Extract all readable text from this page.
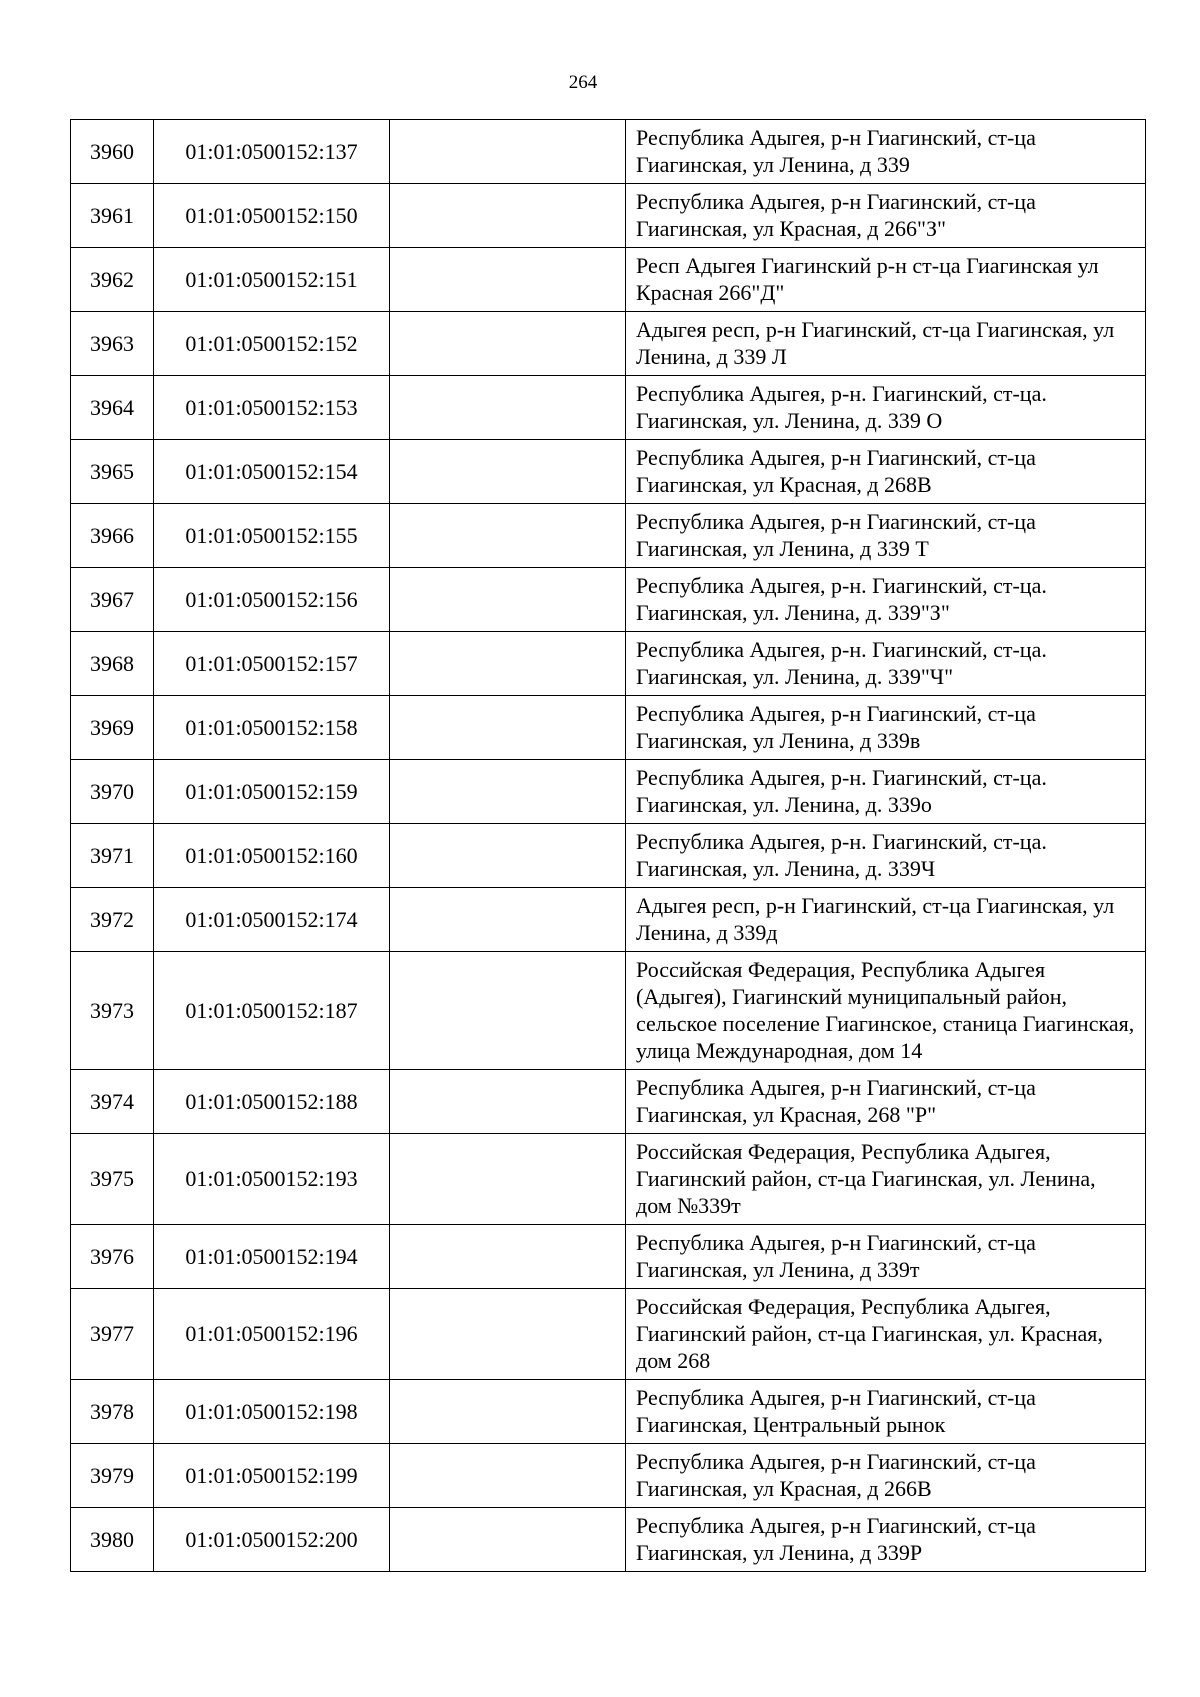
264
3960	01:01:0500152:137		Республика Адыгея, р-н Гиагинский, ст-ца Гиагинская, ул Ленина, д 339
3961	01:01:0500152:150		Республика Адыгея, р-н Гиагинский, ст-ца Гиагинская, ул Красная, д 266"З"
3962	01:01:0500152:151		Респ Адыгея Гиагинский р-н ст-ца Гиагинская ул Красная 266"Д"
3963	01:01:0500152:152		Адыгея респ, р-н Гиагинский, ст-ца Гиагинская, ул Ленина, д 339 Л
3964	01:01:0500152:153		Республика Адыгея, р-н. Гиагинский, ст-ца. Гиагинская, ул. Ленина, д. 339 О
3965	01:01:0500152:154		Республика Адыгея, р-н Гиагинский, ст-ца Гиагинская, ул Красная, д 268В
3966	01:01:0500152:155		Республика Адыгея, р-н Гиагинский, ст-ца Гиагинская, ул Ленина, д 339 Т
3967	01:01:0500152:156		Республика Адыгея, р-н. Гиагинский, ст-ца. Гиагинская, ул. Ленина, д. 339"З"
3968	01:01:0500152:157		Республика Адыгея, р-н. Гиагинский, ст-ца. Гиагинская, ул. Ленина, д. 339"Ч"
3969	01:01:0500152:158		Республика Адыгея, р-н Гиагинский, ст-ца Гиагинская, ул Ленина, д 339в
3970	01:01:0500152:159		Республика Адыгея, р-н. Гиагинский, ст-ца. Гиагинская, ул. Ленина, д. 339о
3971	01:01:0500152:160		Республика Адыгея, р-н. Гиагинский, ст-ца. Гиагинская, ул. Ленина, д. 339Ч
3972	01:01:0500152:174		Адыгея респ, р-н Гиагинский, ст-ца Гиагинская, ул Ленина, д 339д
3973	01:01:0500152:187		Российская Федерация, Республика Адыгея (Адыгея), Гиагинский муниципальный район, сельское поселение Гиагинское, станица Гиагинская, улица Международная, дом 14
3974	01:01:0500152:188		Республика Адыгея, р-н Гиагинский, ст-ца Гиагинская, ул Красная, 268 "Р"
3975	01:01:0500152:193		Российская Федерация, Республика Адыгея, Гиагинский район, ст-ца Гиагинская, ул. Ленина, дом №339т
3976	01:01:0500152:194		Республика Адыгея, р-н Гиагинский, ст-ца Гиагинская, ул Ленина, д 339т
3977	01:01:0500152:196		Российская Федерация, Республика Адыгея, Гиагинский район, ст-ца Гиагинская, ул. Красная, дом 268
3978	01:01:0500152:198		Республика Адыгея, р-н Гиагинский, ст-ца Гиагинская, Центральный рынок
3979	01:01:0500152:199		Республика Адыгея, р-н Гиагинский, ст-ца Гиагинская, ул Красная, д 266В
3980	01:01:0500152:200		Республика Адыгея, р-н Гиагинский, ст-ца Гиагинская, ул Ленина, д 339Р
